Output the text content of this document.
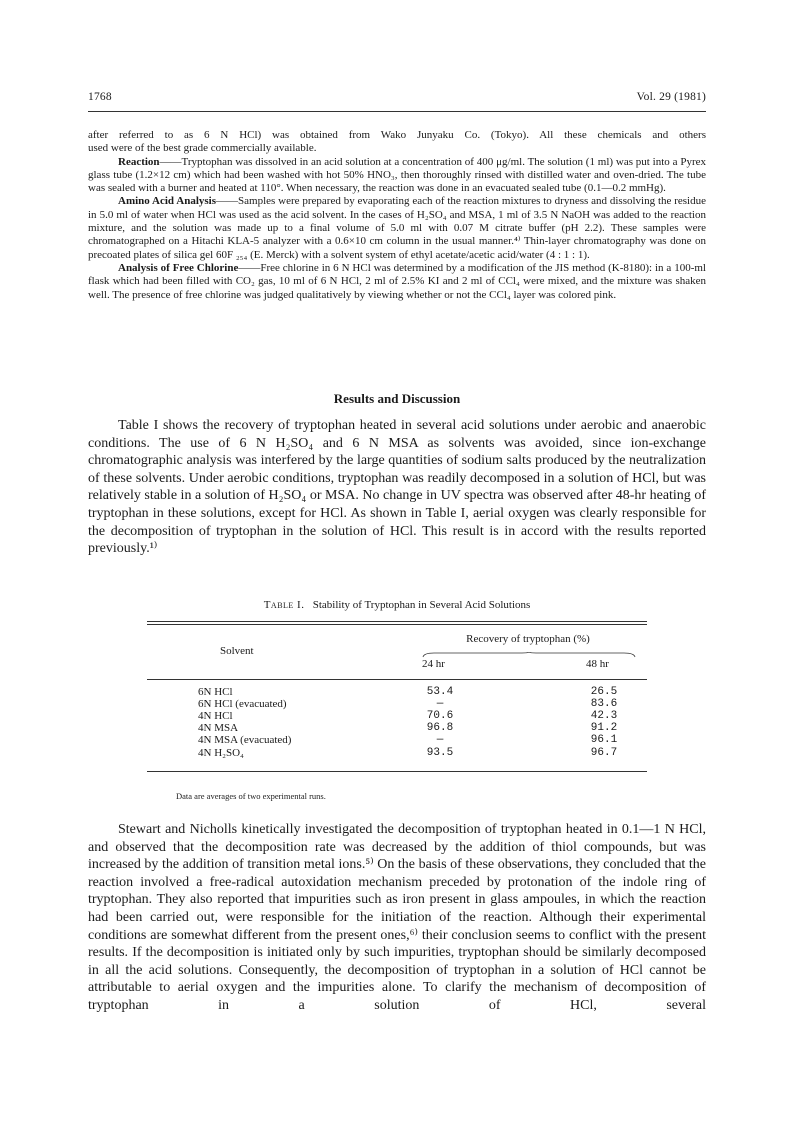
1768	Vol. 29 (1981)

after referred to as 6 N HCl) was obtained from Wako Junyaku Co. (Tokyo). All these chemicals and others

used were of the best grade commercially available.

Reaction——Tryptophan was dissolved in an acid solution at a concentration of 400 μg/ml. The solution (1 ml) was put into a Pyrex glass tube (1.2×12 cm) which had been washed with hot 50% HNO₃, then thoroughly rinsed with distilled water and oven-dried. The tube was sealed with a burner and heated at 110°. When necessary, the reaction was done in an evacuated sealed tube (0.1—0.2 mmHg).

Amino Acid Analysis——Samples were prepared by evaporating each of the reaction mixtures to dryness and dissolving the residue in 5.0 ml of water when HCl was used as the acid solvent. In the cases of H₂SO₄ and MSA, 1 ml of 3.5 N NaOH was added to the reaction mixture, and the solution was made up to a final volume of 5.0 ml with 0.07 M citrate buffer (pH 2.2). These samples were chromatographed on a Hitachi KLA-5 analyzer with a 0.6×10 cm column in the usual manner.⁴⁾ Thin-layer chromatography was done on precoated plates of silica gel 60F ₂₅₄ (E. Merck) with a solvent system of ethyl acetate/acetic acid/water (4 : 1 : 1).

Analysis of Free Chlorine——Free chlorine in 6 N HCl was determined by a modification of the JIS method (K-8180): in a 100-ml flask which had been filled with CO₂ gas, 10 ml of 6 N HCl, 2 ml of 2.5% KI and 2 ml of CCl₄ were mixed, and the mixture was shaken well. The presence of free chlorine was judged qualitatively by viewing whether or not the CCl₄ layer was colored pink.

Results and Discussion

Table I shows the recovery of tryptophan heated in several acid solutions under aerobic and anaerobic conditions. The use of 6 N H₂SO₄ and 6 N MSA as solvents was avoided, since ion-exchange chromatographic analysis was interfered by the large quantities of sodium salts produced by the neutralization of these solvents. Under aerobic conditions, tryptophan was readily decomposed in a solution of HCl, but was relatively stable in a solution of H₂SO₄ or MSA. No change in UV spectra was observed after 48-hr heating of tryptophan in these solutions, except for HCl. As shown in Table I, aerial oxygen was clearly responsible for the decomposition of tryptophan in the solution of HCl. This result is in accord with the results reported previously.¹⁾

Table I. Stability of Tryptophan in Several Acid Solutions
Solvent
Recovery of tryptophan (%)
24 hr	48 hr
6N HCl	53.4	26.5
6N HCl (evacuated)	—	83.6
4N HCl	70.6	42.3
4N MSA	96.8	91.2
4N MSA (evacuated)	—	96.1
4N H₂SO₄	93.5	96.7
Data are averages of two experimental runs.

Stewart and Nicholls kinetically investigated the decomposition of tryptophan heated in 0.1—1 N HCl, and observed that the decomposition rate was decreased by the addition of thiol compounds, but was increased by the addition of transition metal ions.⁵⁾ On the basis of these observations, they concluded that the reaction involved a free-radical autoxidation mechanism preceded by protonation of the indole ring of tryptophan. They also reported that impurities such as iron present in glass ampoules, in which the reaction had been carried out, were responsible for the initiation of the reaction. Although their experimental conditions are somewhat different from the present ones,⁶⁾ their conclusion seems to conflict with the present results. If the decomposition is initiated only by such impurities, tryptophan should be similarly decomposed in all the acid solutions. Consequently, the decomposition of tryptophan in a solution of HCl cannot be attributable to aerial oxygen and the impurities alone. To clarify the mechanism of decomposition of tryptophan in a solution of HCl, several
